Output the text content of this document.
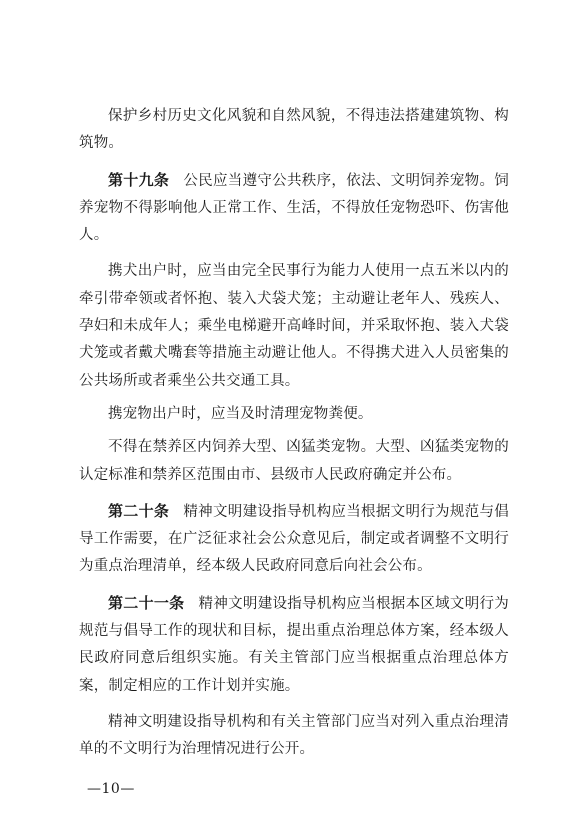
保护乡村历史文化风貌和自然风貌，不得违法搭建建筑物、构筑物。

第十九条 公民应当遵守公共秩序，依法、文明饲养宠物。饲养宠物不得影响他人正常工作、生活，不得放任宠物恐吓、伤害他人。

携犬出户时，应当由完全民事行为能力人使用一点五米以内的牵引带牵领或者怀抱、装入犬袋犬笼；主动避让老年人、残疾人、孕妇和未成年人；乘坐电梯避开高峰时间，并采取怀抱、装入犬袋犬笼或者戴犬嘴套等措施主动避让他人。不得携犬进入人员密集的公共场所或者乘坐公共交通工具。

携宠物出户时，应当及时清理宠物粪便。

不得在禁养区内饲养大型、凶猛类宠物。大型、凶猛类宠物的认定标准和禁养区范围由市、县级市人民政府确定并公布。

第二十条 精神文明建设指导机构应当根据文明行为规范与倡导工作需要，在广泛征求社会公众意见后，制定或者调整不文明行为重点治理清单，经本级人民政府同意后向社会公布。

第二十一条 精神文明建设指导机构应当根据本区域文明行为规范与倡导工作的现状和目标，提出重点治理总体方案，经本级人民政府同意后组织实施。有关主管部门应当根据重点治理总体方案，制定相应的工作计划并实施。

精神文明建设指导机构和有关主管部门应当对列入重点治理清单的不文明行为治理情况进行公开。

—10—
